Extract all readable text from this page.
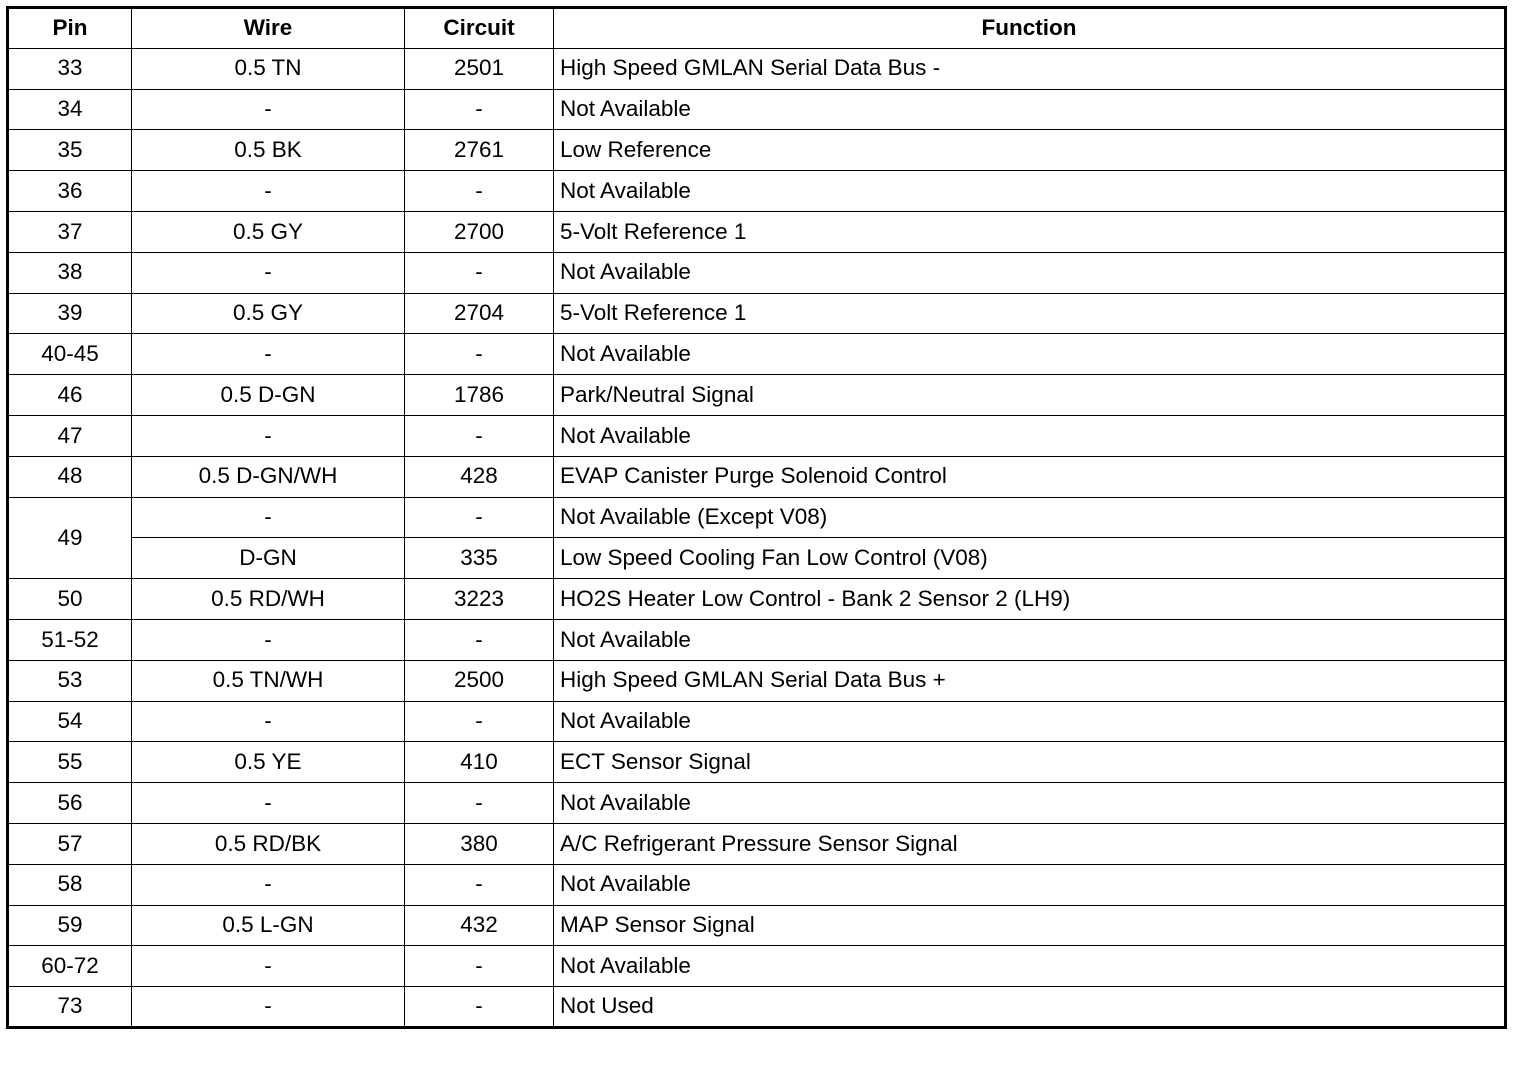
Pin	Wire	Circuit	Function
33	0.5 TN	2501	High Speed GMLAN Serial Data Bus -
34	-	-	Not Available
35	0.5 BK	2761	Low Reference
36	-	-	Not Available
37	0.5 GY	2700	5-Volt Reference 1
38	-	-	Not Available
39	0.5 GY	2704	5-Volt Reference 1
40-45	-	-	Not Available
46	0.5 D-GN	1786	Park/Neutral Signal
47	-	-	Not Available
48	0.5 D-GN/WH	428	EVAP Canister Purge Solenoid Control
49	-	-	Not Available (Except V08)
	D-GN	335	Low Speed Cooling Fan Low Control (V08)
50	0.5 RD/WH	3223	HO2S Heater Low Control - Bank 2 Sensor 2 (LH9)
51-52	-	-	Not Available
53	0.5 TN/WH	2500	High Speed GMLAN Serial Data Bus +
54	-	-	Not Available
55	0.5 YE	410	ECT Sensor Signal
56	-	-	Not Available
57	0.5 RD/BK	380	A/C Refrigerant Pressure Sensor Signal
58	-	-	Not Available
59	0.5 L-GN	432	MAP Sensor Signal
60-72	-	-	Not Available
73	-	-	Not Used
